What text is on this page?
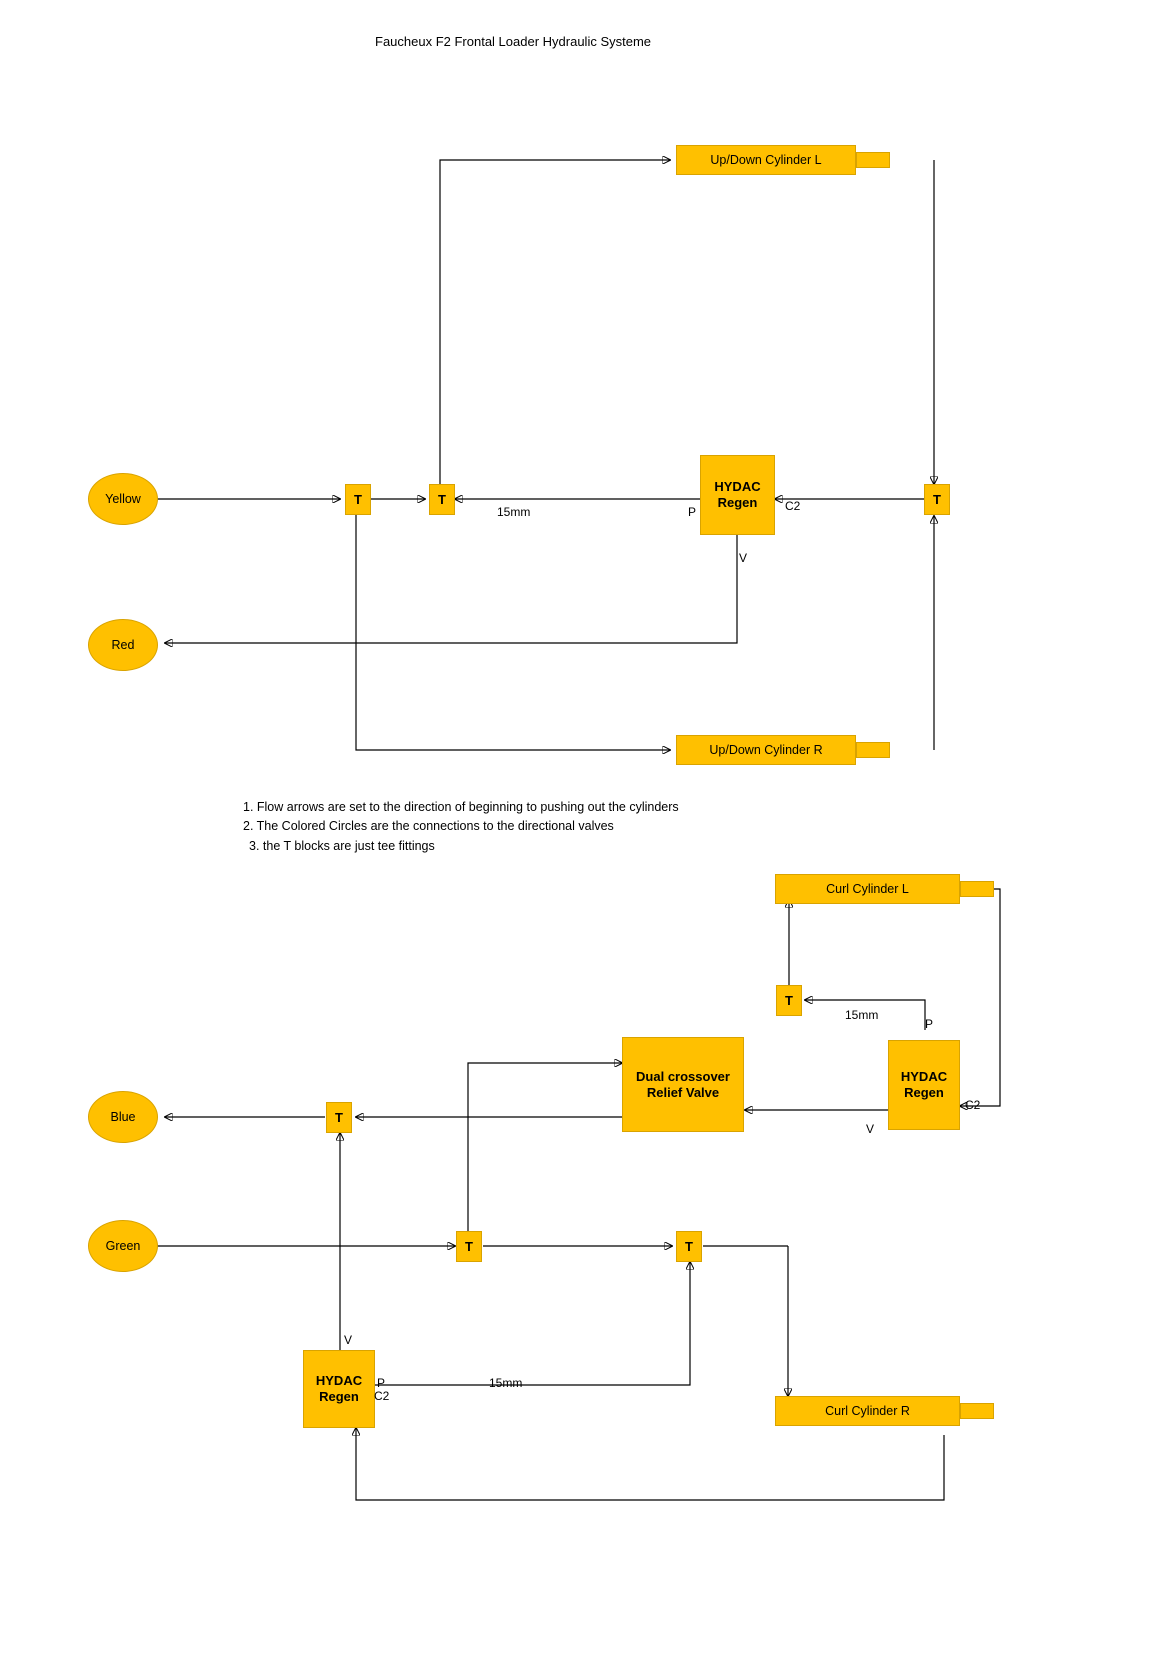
Faucheux F2 Frontal Loader Hydraulic Systeme
Yellow
Red
T	T	T
Up/Down Cylinder L
Up/Down Cylinder R
HYDAC
Regen
15mm	P	C2
V
1. Flow arrows are set to the direction of beginning to pushing out the cylinders
2. The Colored Circles are the connections to the directional valves
3. the T blocks are just tee fittings
Blue
Green
T
T
T
T
Curl Cylinder L
Curl Cylinder R
Dual crossover
Relief Valve
HYDAC
Regen
HYDAC
Regen
15mm
P
C2
V
15mm
P
C2
V
